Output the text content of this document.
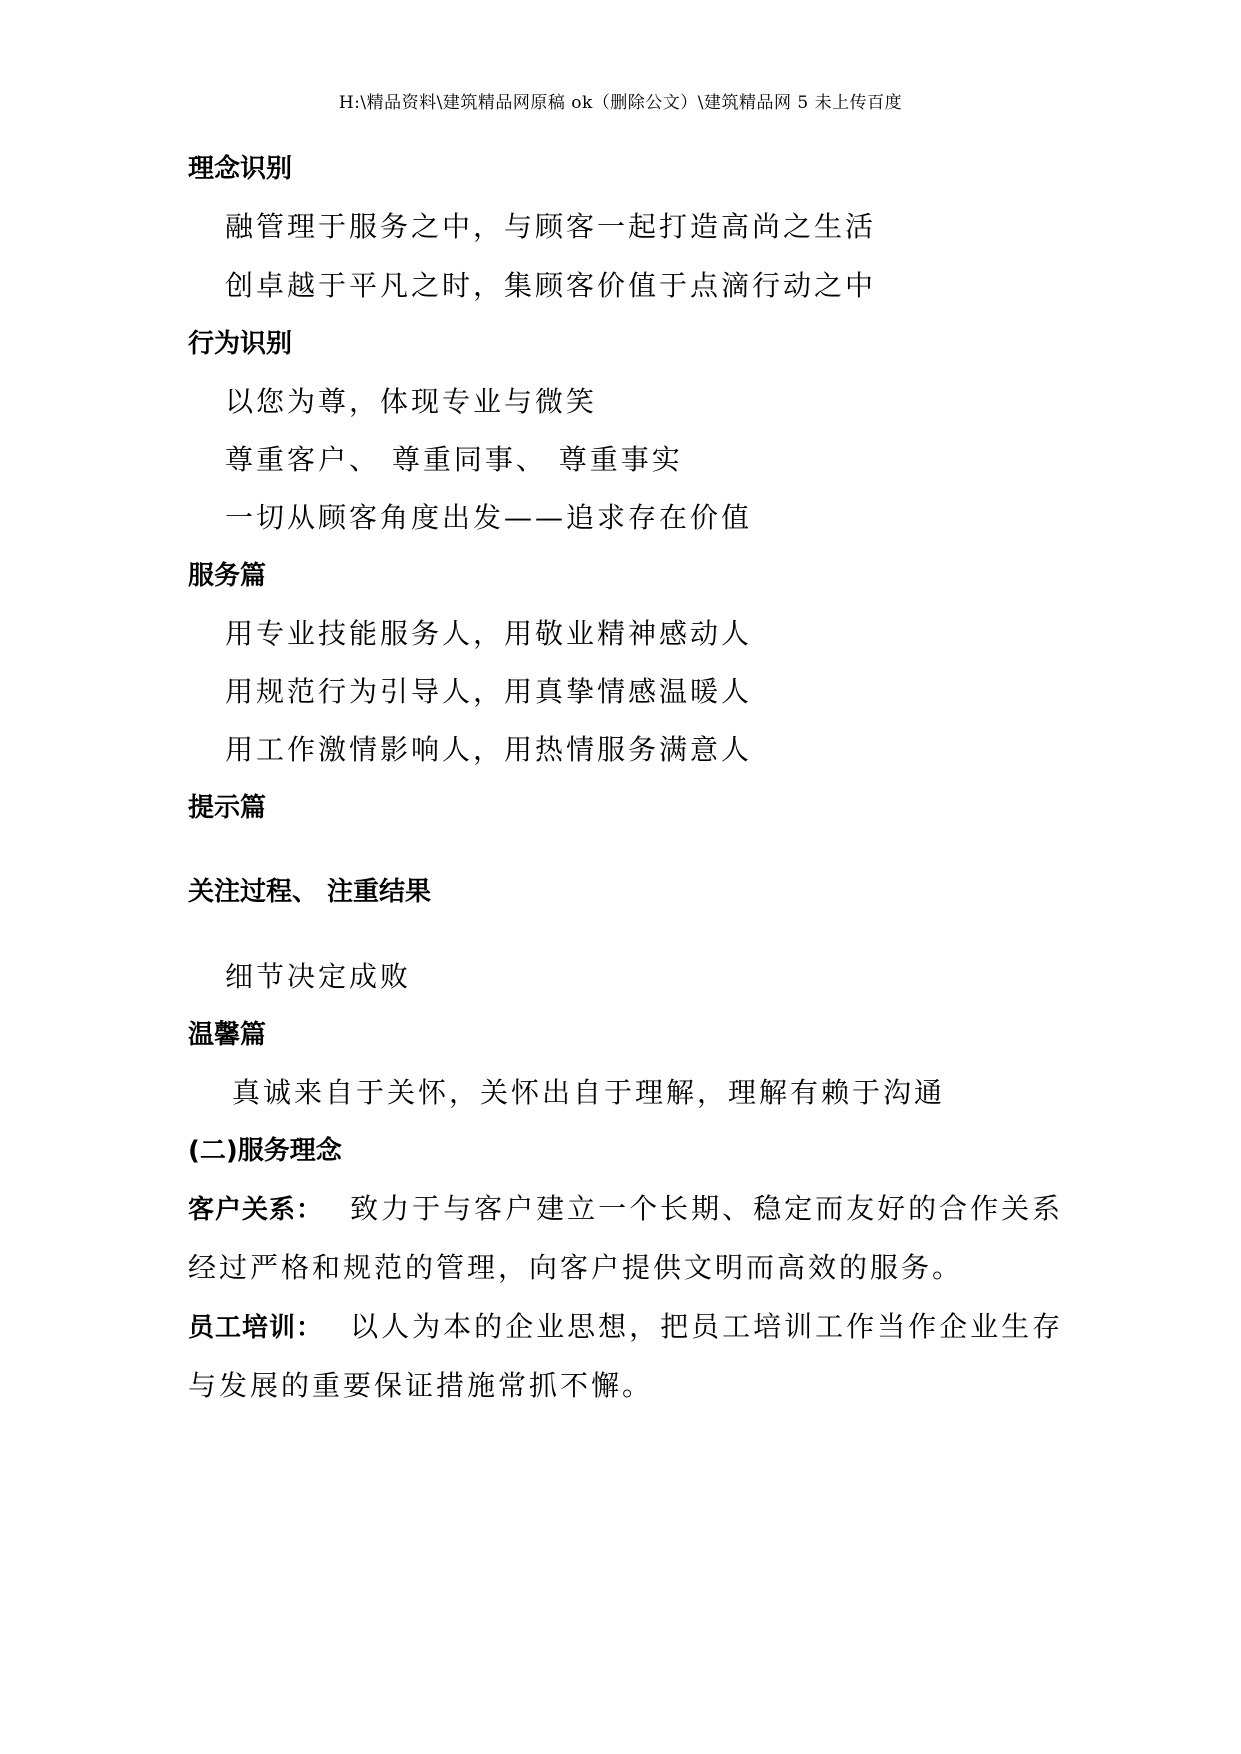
H:\精品资料\建筑精品网原稿 ok（删除公文）\建筑精品网 5 未上传百度
理念识别
融管理于服务之中，与顾客一起打造高尚之生活
创卓越于平凡之时，集顾客价值于点滴行动之中
行为识别
以您为尊，体现专业与微笑
尊重客户、 尊重同事、 尊重事实
一切从顾客角度出发——追求存在价值
服务篇
用专业技能服务人，用敬业精神感动人
用规范行为引导人，用真挚情感温暖人
用工作激情影响人，用热情服务满意人
提示篇
关注过程、 注重结果
细节决定成败
温馨篇
真诚来自于关怀，关怀出自于理解，理解有赖于沟通
(二)服务理念
客户关系： 致力于与客户建立一个长期、稳定而友好的合作关系
经过严格和规范的管理，向客户提供文明而高效的服务。
员工培训： 以人为本的企业思想，把员工培训工作当作企业生存
与发展的重要保证措施常抓不懈。
